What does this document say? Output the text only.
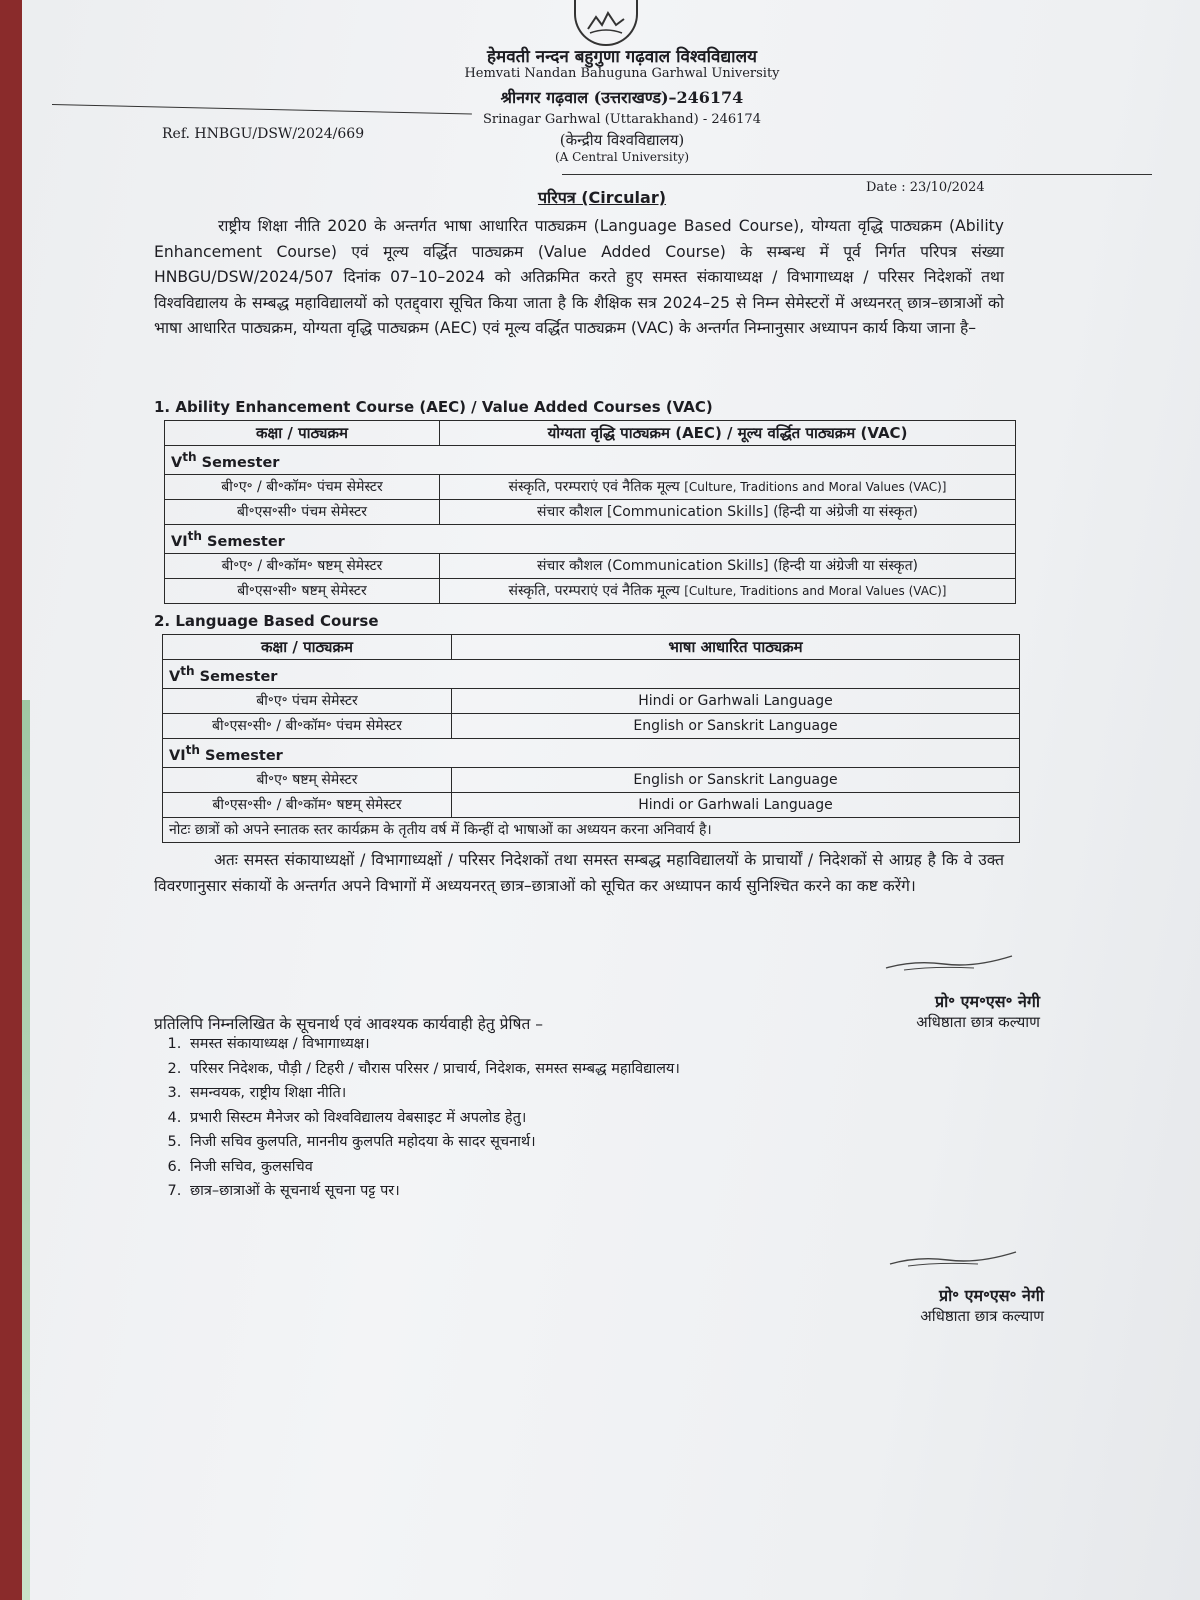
हेमवती नन्दन बहुगुणा गढ़वाल विश्वविद्यालय
Hemvati Nandan Bahuguna Garhwal University
श्रीनगर गढ़वाल (उत्तराखण्ड)–246174
Srinagar Garhwal (Uttarakhand) - 246174
(केन्द्रीय विश्वविद्यालय)
(A Central University)
Ref. HNBGU/DSW/2024/669
Date : 23/10/2024
परिपत्र (Circular)
राष्ट्रीय शिक्षा नीति 2020 के अन्तर्गत भाषा आधारित पाठ्यक्रम (Language Based Course), योग्यता वृद्धि पाठ्यक्रम (Ability Enhancement Course) एवं मूल्य वर्द्धित पाठ्यक्रम (Value Added Course) के सम्बन्ध में पूर्व निर्गत परिपत्र संख्या HNBGU/DSW/2024/507 दिनांक 07–10–2024 को अतिक्रमित करते हुए समस्त संकायाध्यक्ष / विभागाध्यक्ष / परिसर निदेशकों तथा विश्वविद्यालय के सम्बद्ध महाविद्यालयों को एतद्द्वारा सूचित किया जाता है कि शैक्षिक सत्र 2024–25 से निम्न सेमेस्टरों में अध्यनरत् छात्र–छात्राओं को भाषा आधारित पाठ्यक्रम, योग्यता वृद्धि पाठ्यक्रम (AEC) एवं मूल्य वर्द्धित पाठ्यक्रम (VAC) के अन्तर्गत निम्नानुसार अध्यापन कार्य किया जाना है–
1. Ability Enhancement Course (AEC) / Value Added Courses (VAC)
कक्षा / पाठ्यक्रम	योग्यता वृद्धि पाठ्यक्रम (AEC) / मूल्य वर्द्धित पाठ्यक्रम (VAC)
Vth Semester	
बी॰ए॰ / बी॰कॉम॰ पंचम सेमेस्टर	संस्कृति, परम्पराएं एवं नैतिक मूल्य [Culture, Traditions and Moral Values (VAC)]
बी॰एस॰सी॰ पंचम सेमेस्टर	संचार कौशल [Communication Skills] (हिन्दी या अंग्रेजी या संस्कृत)
VIth Semester	
बी॰ए॰ / बी॰कॉम॰ षष्टम् सेमेस्टर	संचार कौशल (Communication Skills] (हिन्दी या अंग्रेजी या संस्कृत)
बी॰एस॰सी॰ षष्टम् सेमेस्टर	संस्कृति, परम्पराएं एवं नैतिक मूल्य [Culture, Traditions and Moral Values (VAC)]
2. Language Based Course
कक्षा / पाठ्यक्रम	भाषा आधारित पाठ्यक्रम
Vth Semester	
बी॰ए॰ पंचम सेमेस्टर	Hindi or Garhwali Language
बी॰एस॰सी॰ / बी॰कॉम॰ पंचम सेमेस्टर	English or Sanskrit Language
VIth Semester	
बी॰ए॰ षष्टम् सेमेस्टर	English or Sanskrit Language
बी॰एस॰सी॰ / बी॰कॉम॰ षष्टम् सेमेस्टर	Hindi or Garhwali Language
नोटः छात्रों को अपने स्नातक स्तर कार्यक्रम के तृतीय वर्ष में किन्हीं दो भाषाओं का अध्ययन करना अनिवार्य है।	
अतः समस्त संकायाध्यक्षों / विभागाध्यक्षों / परिसर निदेशकों तथा समस्त सम्बद्ध महाविद्यालयों के प्राचार्यों / निदेशकों से आग्रह है कि वे उक्त विवरणानुसार संकायों के अन्तर्गत अपने विभागों में अध्ययनरत् छात्र–छात्राओं को सूचित कर अध्यापन कार्य सुनिश्चित करने का कष्ट करेंगे।
प्रो॰ एम॰एस॰ नेगी
अधिष्ठाता छात्र कल्याण
प्रतिलिपि निम्नलिखित के सूचनार्थ एवं आवश्यक कार्यवाही हेतु प्रेषित –
1. समस्त संकायाध्यक्ष / विभागाध्यक्ष।
2. परिसर निदेशक, पौड़ी / टिहरी / चौरास परिसर / प्राचार्य, निदेशक, समस्त सम्बद्ध महाविद्यालय।
3. समन्वयक, राष्ट्रीय शिक्षा नीति।
4. प्रभारी सिस्टम मैनेजर को विश्वविद्यालय वेबसाइट में अपलोड हेतु।
5. निजी सचिव कुलपति, माननीय कुलपति महोदया के सादर सूचनार्थ।
6. निजी सचिव, कुलसचिव
7. छात्र–छात्राओं के सूचनार्थ सूचना पट्ट पर।
प्रो॰ एम॰एस॰ नेगी
अधिष्ठाता छात्र कल्याण
